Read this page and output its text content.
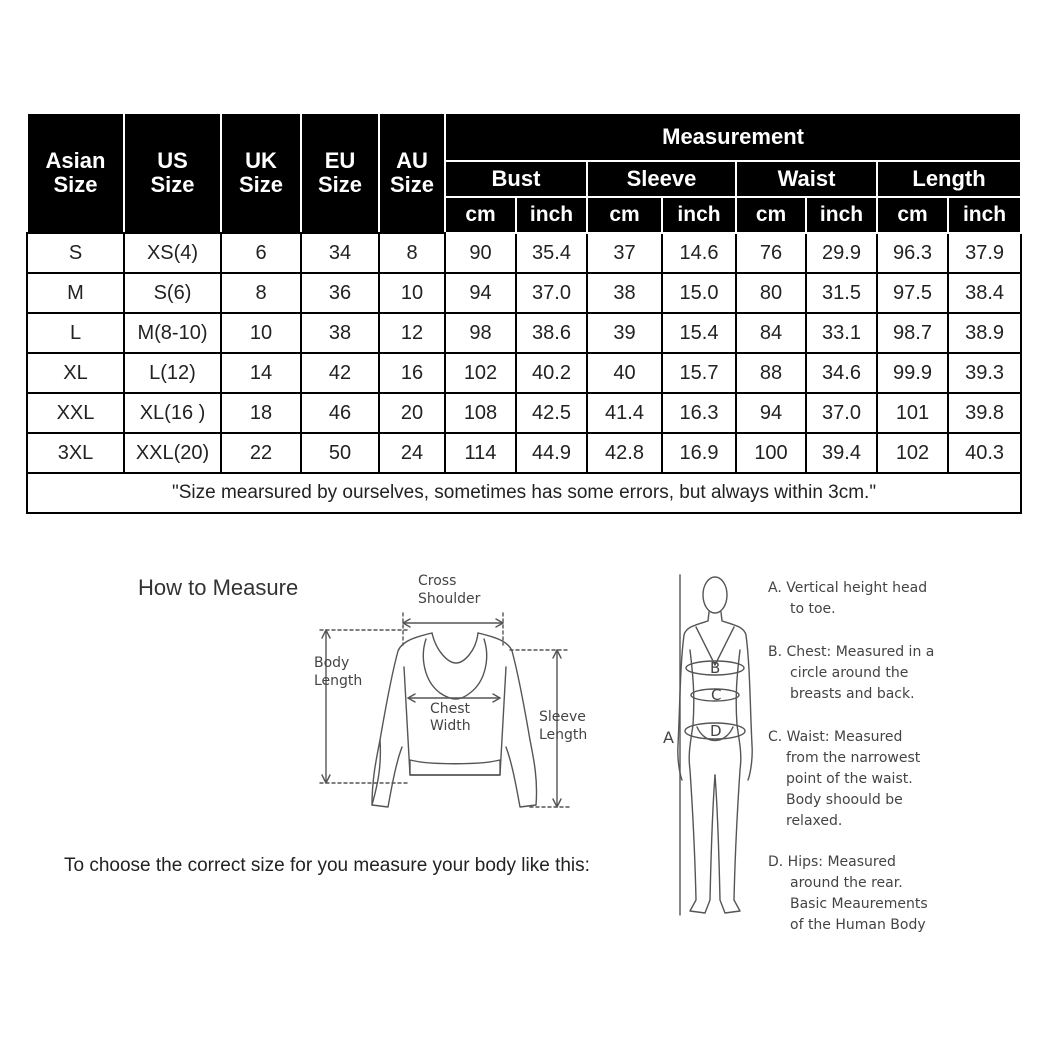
Asian
Size	US
Size	UK
Size	EU
Size	AU
Size	Measurement							
					Bust		Sleeve		Waist		Length	
					cm	inch	cm	inch	cm	inch	cm	inch
S	XS(4)	6	34	8	90	35.4	37	14.6	76	29.9	96.3	37.9
M	S(6)	8	36	10	94	37.0	38	15.0	80	31.5	97.5	38.4
L	M(8-10)	10	38	12	98	38.6	39	15.4	84	33.1	98.7	38.9
XL	L(12)	14	42	16	102	40.2	40	15.7	88	34.6	99.9	39.3
XXL	XL(16 )	18	46	20	108	42.5	41.4	16.3	94	37.0	101	39.8
3XL	XXL(20)	22	50	24	114	44.9	42.8	16.9	100	39.4	102	40.3
"Size mearsured by ourselves, sometimes has some errors, but always within 3cm."												
How to Measure	Cross
Shoulder
Body
Length
Chest
Width
Sleeve
Length	A
B
C
D
To choose the correct size for you measure your body like this:
A. Vertical height head
to toe.
B. Chest: Measured in a
circle around the
breasts and back.
C. Waist: Measured
from the narrowest
point of the waist.
Body shoould be
relaxed.
D. Hips: Measured
around the rear.
Basic Meaurements
of the Human Body
